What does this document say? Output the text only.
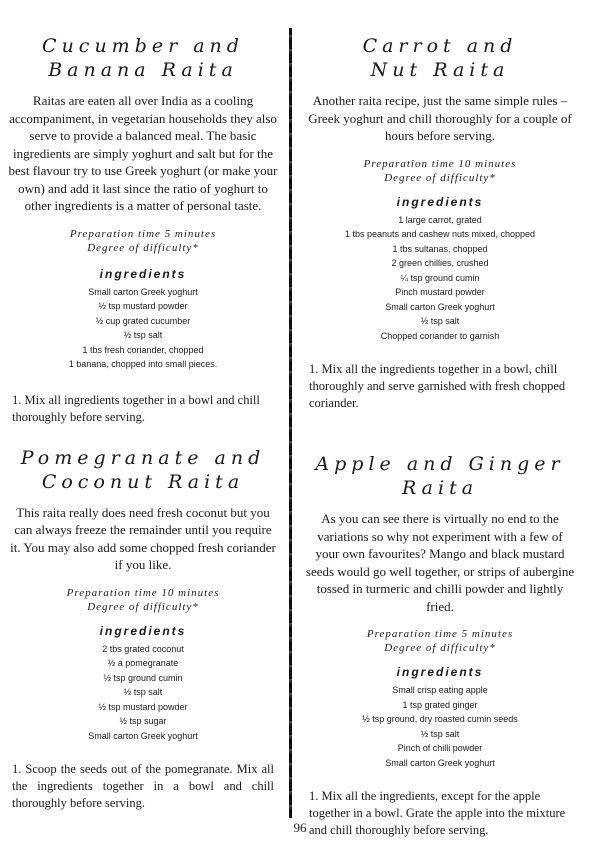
Cucumber and
Banana Raita

Raitas are eaten all over India as a cooling accompaniment, in vegetarian households they also serve to provide a balanced meal. The basic ingredients are simply yoghurt and salt but for the best flavour try to use Greek yoghurt (or make your own) and add it last since the ratio of yoghurt to other ingredients is a matter of personal taste.

Preparation time 5 minutes

Degree of difficulty*

ingredients

Small carton Greek yoghurt
½ tsp mustard powder
½ cup grated cucumber
½ tsp salt
1 tbs fresh coriander, chopped
1 banana, chopped into small pieces.

1. Mix all ingredients together in a bowl and chill thoroughly before serving.

Pomegranate and
Coconut Raita

This raita really does need fresh coconut but you can always freeze the remainder until you require it. You may also add some chopped fresh coriander if you like.

Preparation time 10 minutes

Degree of difficulty*

ingredients

2 tbs grated coconut
½ a pomegranate
½ tsp ground cumin
½ tsp salt
½ tsp mustard powder
½ tsp sugar
Small carton Greek yoghurt

1. Scoop the seeds out of the pomegranate. Mix all the ingredients together in a bowl and chill thoroughly before serving.

Carrot and
Nut Raita

Another raita recipe, just the same simple rules – Greek yoghurt and chill thoroughly for a couple of hours before serving.

Preparation time 10 minutes

Degree of difficulty*

ingredients

1 large carrot, grated
1 tbs peanuts and cashew nuts mixed, chopped
1 tbs sultanas, chopped
2 green chillies, crushed
¼ tsp ground cumin
Pinch mustard powder
Small carton Greek yoghurt
½ tsp salt
Chopped coriander to garnish

1. Mix all the ingredients together in a bowl, chill thoroughly and serve garnished with fresh chopped coriander.

Apple and Ginger
Raita

As you can see there is virtually no end to the variations so why not experiment with a few of your own favourites? Mango and black mustard seeds would go well together, or strips of aubergine tossed in turmeric and chilli powder and lightly fried.

Preparation time 5 minutes

Degree of difficulty*

ingredients

Small crisp eating apple
1 tsp grated ginger
½ tsp ground, dry roasted cumin seeds
½ tsp salt
Pinch of chilli powder
Small carton Greek yoghurt

1. Mix all the ingredients, except for the apple together in a bowl. Grate the apple into the mixture and chill thoroughly before serving.

96
